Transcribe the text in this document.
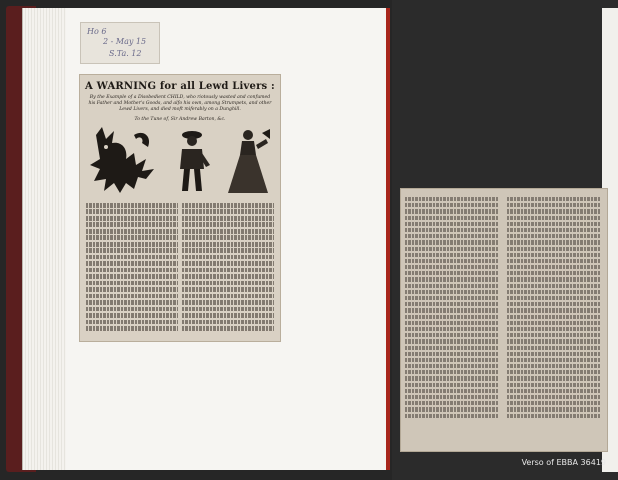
Ho 6
2 - May 15
S.Ta. 12
A WARNING for all Lewd Livers :
By the Example of a Disobedient CHILD, who riotously wasted and confumed his Father and Mother's Goods, and alfo his own, among Strumpets, and other Lewd Livers, and died moft miferably on a Dunghill.
To the Tune of, Sir Andrew Barton, &c.
Verso of EBBA 36419
